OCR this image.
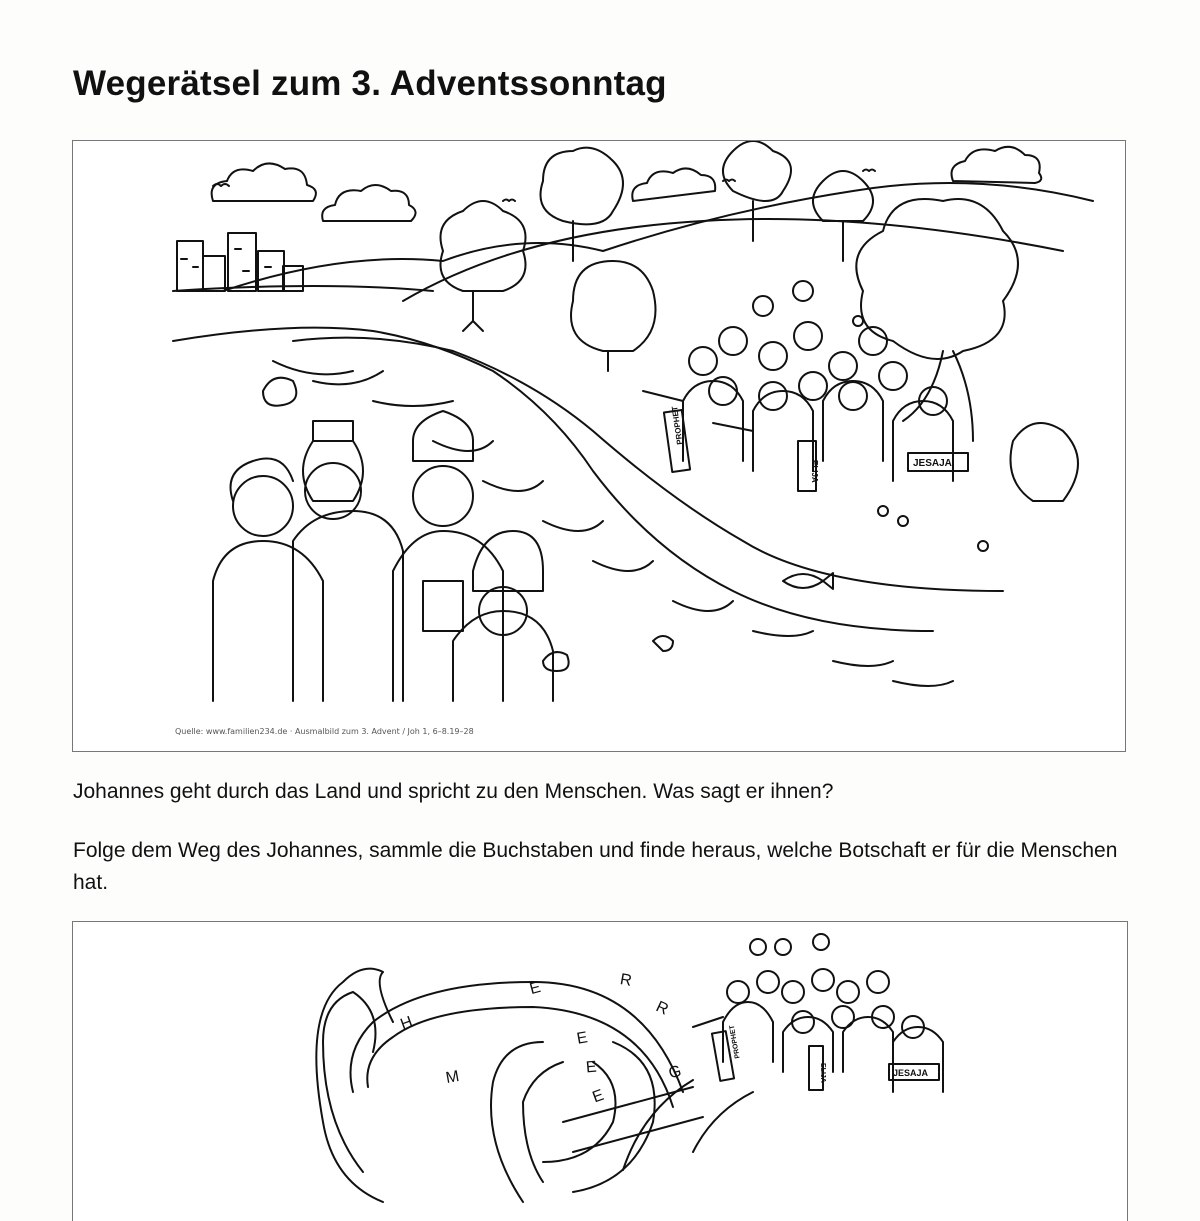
Wegerätsel zum 3. Adventssonntag
PROPHET
ELIJA	JESAJA
Quelle: www.familien234.de · Ausmalbild zum 3. Advent / Joh 1, 6–8.19–28

Johannes geht durch das Land und spricht zu den Menschen. Was sagt er ihnen?

Folge dem Weg des Johannes, sammle die Buchstaben und finde heraus, welche Botschaft er für die Menschen hat.

PROPHET
ELIJA	JESAJA
H
E	R
R
E
M
E	G
E
